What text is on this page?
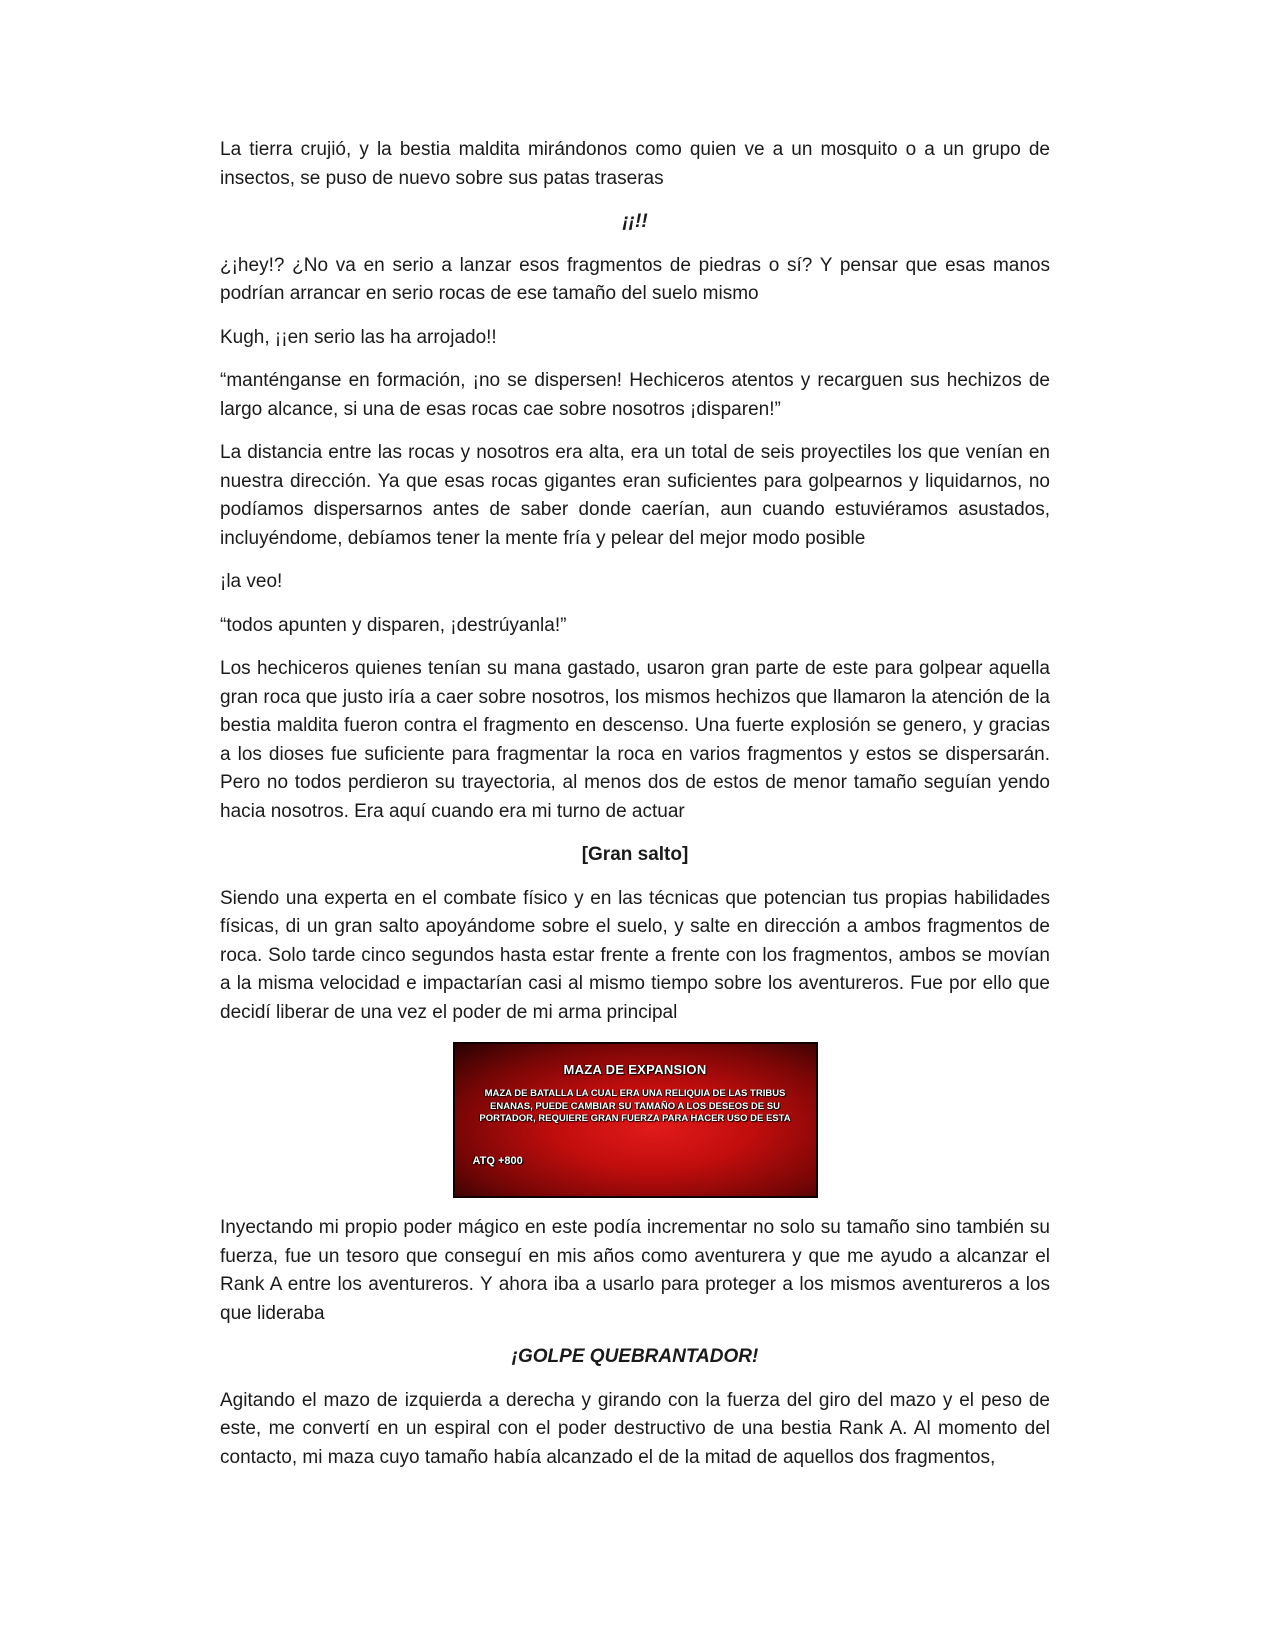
La tierra crujió, y la bestia maldita mirándonos como quien ve a un mosquito o a un grupo de insectos, se puso de nuevo sobre sus patas traseras

¡¡!!

¿¡hey!? ¿No va en serio a lanzar esos fragmentos de piedras o sí? Y pensar que esas manos podrían arrancar en serio rocas de ese tamaño del suelo mismo

Kugh, ¡¡en serio las ha arrojado!!

“manténganse en formación, ¡no se dispersen! Hechiceros atentos y recarguen sus hechizos de largo alcance, si una de esas rocas cae sobre nosotros ¡disparen!”

La distancia entre las rocas y nosotros era alta, era un total de seis proyectiles los que venían en nuestra dirección. Ya que esas rocas gigantes eran suficientes para golpearnos y liquidarnos, no podíamos dispersarnos antes de saber donde caerían, aun cuando estuviéramos asustados, incluyéndome, debíamos tener la mente fría y pelear del mejor modo posible

¡la veo!

“todos apunten y disparen, ¡destrúyanla!”

Los hechiceros quienes tenían su mana gastado, usaron gran parte de este para golpear aquella gran roca que justo iría a caer sobre nosotros, los mismos hechizos que llamaron la atención de la bestia maldita fueron contra el fragmento en descenso. Una fuerte explosión se genero, y gracias a los dioses fue suficiente para fragmentar la roca en varios fragmentos y estos se dispersarán. Pero no todos perdieron su trayectoria, al menos dos de estos de menor tamaño seguían yendo hacia nosotros. Era aquí cuando era mi turno de actuar

[Gran salto]

Siendo una experta en el combate físico y en las técnicas que potencian tus propias habilidades físicas, di un gran salto apoyándome sobre el suelo, y salte en dirección a ambos fragmentos de roca. Solo tarde cinco segundos hasta estar frente a frente con los fragmentos, ambos se movían a la misma velocidad e impactarían casi al mismo tiempo sobre los aventureros. Fue por ello que decidí liberar de una vez el poder de mi arma principal

MAZA DE EXPANSION
MAZA DE BATALLA LA CUAL ERA UNA RELIQUIA DE LAS TRIBUS ENANAS, PUEDE CAMBIAR SU TAMAÑO A LOS DESEOS DE SU PORTADOR, REQUIERE GRAN FUERZA PARA HACER USO DE ESTA
ATQ +800

Inyectando mi propio poder mágico en este podía incrementar no solo su tamaño sino también su fuerza, fue un tesoro que conseguí en mis años como aventurera y que me ayudo a alcanzar el Rank A entre los aventureros. Y ahora iba a usarlo para proteger a los mismos aventureros a los que lideraba

¡GOLPE QUEBRANTADOR!

Agitando el mazo de izquierda a derecha y girando con la fuerza del giro del mazo y el peso de este, me convertí en un espiral con el poder destructivo de una bestia Rank A. Al momento del contacto, mi maza cuyo tamaño había alcanzado el de la mitad de aquellos dos fragmentos,
